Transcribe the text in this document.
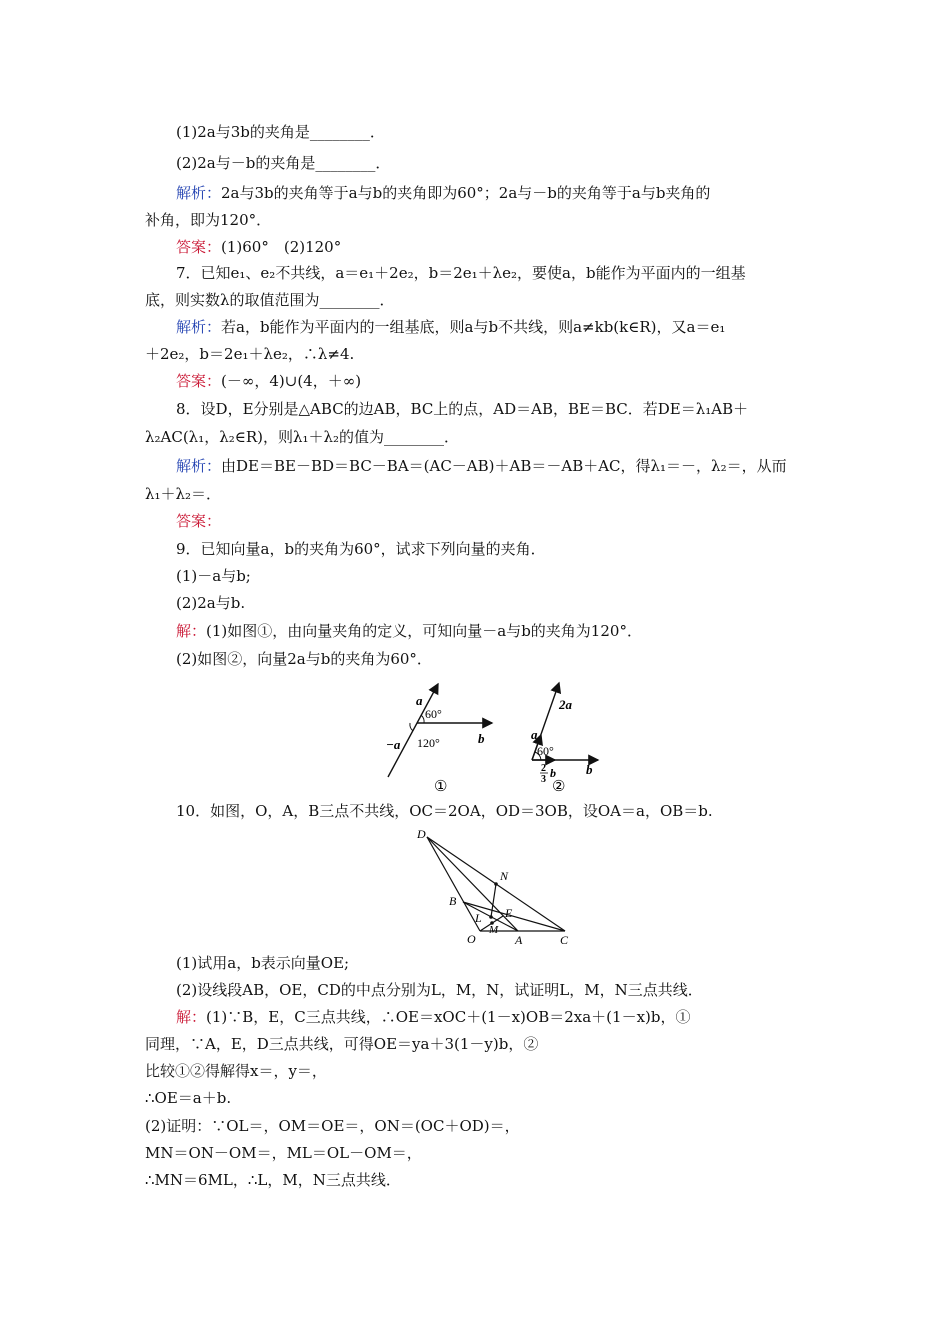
(1)2a与3b的夹角是________．
(2)2a与－b的夹角是________．
解析：2a与3b的夹角等于a与b的夹角即为60°；2a与－b的夹角等于a与b夹角的
补角，即为120°．
答案：(1)60°　(2)120°
7．已知e₁、e₂不共线，a＝e₁＋2e₂，b＝2e₁＋λe₂，要使a，b能作为平面内的一组基
底，则实数λ的取值范围为________．
解析：若a，b能作为平面内的一组基底，则a与b不共线，则a≠kb(k∈R)，又a＝e₁
＋2e₂，b＝2e₁＋λe₂，∴λ≠4.
答案：(－∞，4)∪(4，＋∞)
8．设D，E分别是△ABC的边AB，BC上的点，AD＝AB，BE＝BC．若DE＝λ₁AB＋
λ₂AC(λ₁，λ₂∈R)，则λ₁＋λ₂的值为________．
解析：由DE＝BE－BD＝BC－BA＝(AC－AB)＋AB＝－AB＋AC，得λ₁＝－，λ₂＝，从而
λ₁＋λ₂＝．
答案：
9．已知向量a，b的夹角为60°，试求下列向量的夹角．
(1)－a与b;
(2)2a与b.
解：(1)如图①，由向量夹角的定义，可知向量－a与b的夹角为120°．
(2)如图②，向量2a与b的夹角为60°．
a
60°
−a 120°	b
①
2a
a
60°
2
3 b b
②
10．如图，O，A，B三点不共线，OC＝2OA，OD＝3OB，设OA＝a，OB＝b.
D
N
B
E
L
M
O	A	C
(1)试用a，b表示向量OE;
(2)设线段AB，OE，CD的中点分别为L，M，N，试证明L，M，N三点共线．
解：(1)∵B，E，C三点共线，∴OE＝xOC＋(1－x)OB＝2xa＋(1－x)b，①
同理，∵A，E，D三点共线，可得OE＝ya＋3(1－y)b，②
比较①②得解得x＝，y＝，
∴OE＝a＋b.
(2)证明：∵OL＝，OM＝OE＝，ON＝(OC＋OD)＝，
MN＝ON－OM＝，ML＝OL－OM＝，
∴MN＝6ML，∴L，M，N三点共线．
